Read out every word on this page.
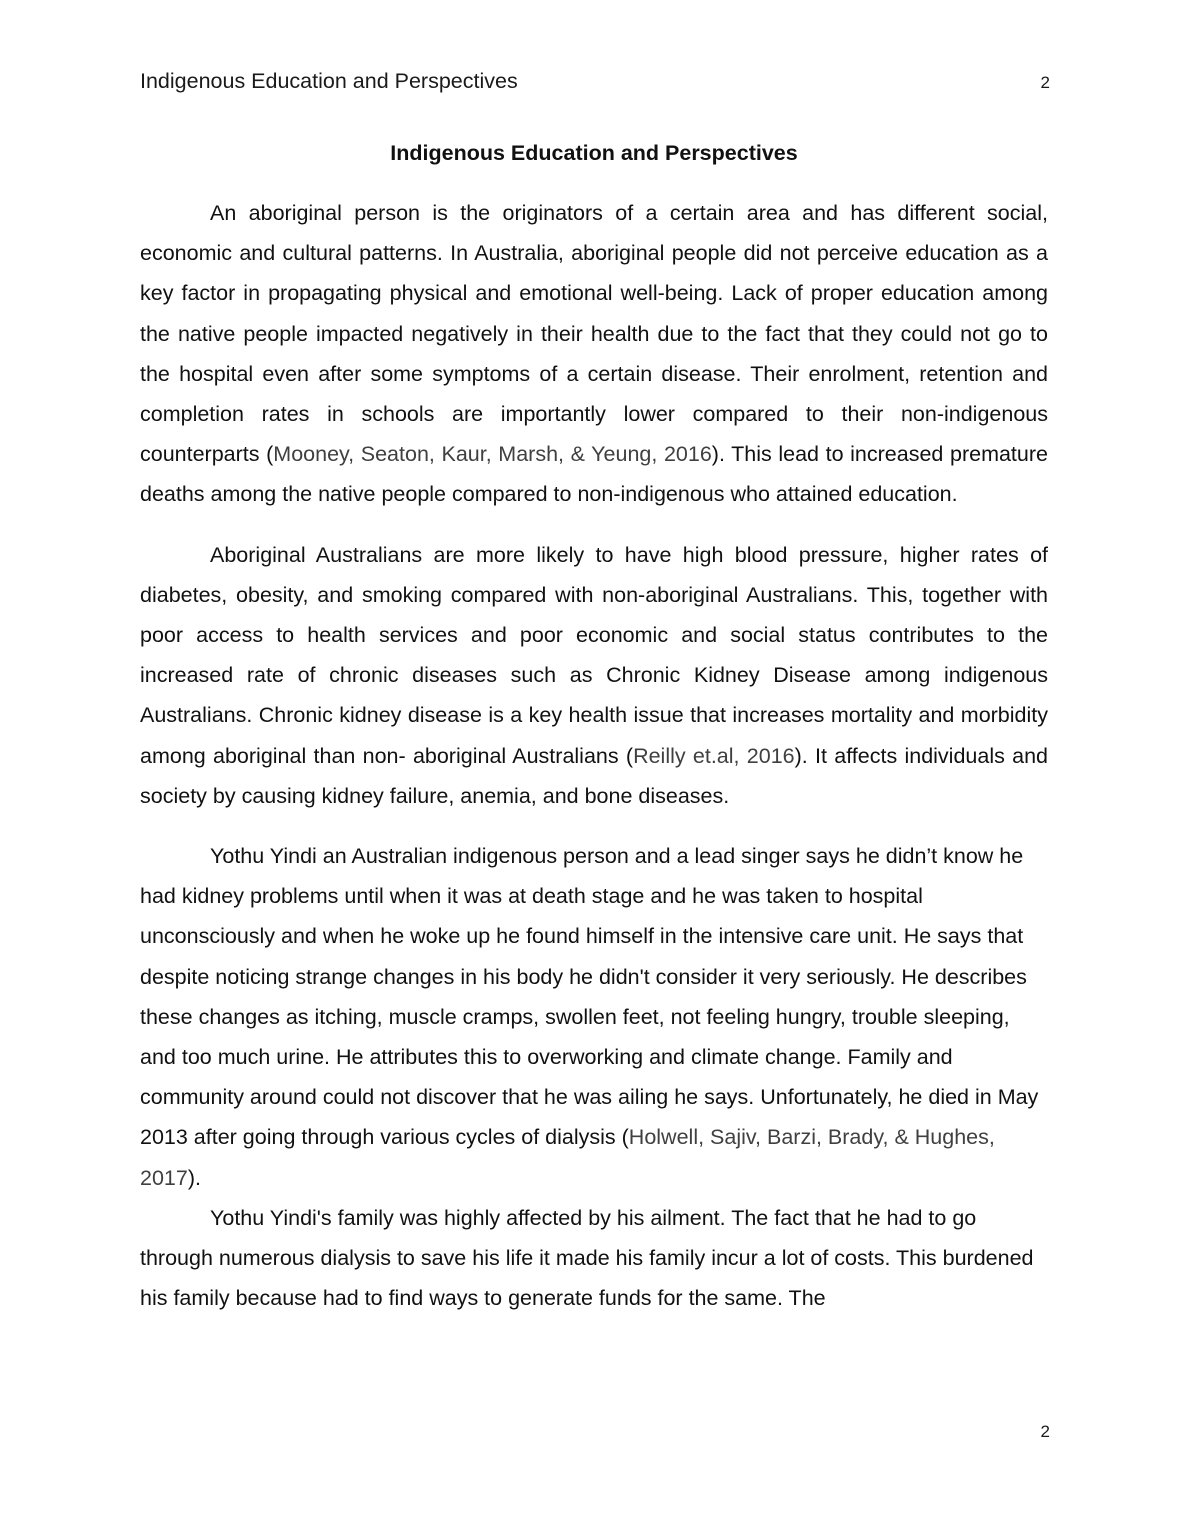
Indigenous Education and Perspectives	2
Indigenous Education and Perspectives

An aboriginal person is the originators of a certain area and has different social, economic and cultural patterns. In Australia, aboriginal people did not perceive education as a key factor in propagating physical and emotional well-being. Lack of proper education among the native people impacted negatively in their health due to the fact that they could not go to the hospital even after some symptoms of a certain disease. Their enrolment, retention and completion rates in schools are importantly lower compared to their non-indigenous counterparts (Mooney, Seaton, Kaur, Marsh, & Yeung, 2016). This lead to increased premature deaths among the native people compared to non-indigenous who attained education.

Aboriginal Australians are more likely to have high blood pressure, higher rates of diabetes, obesity, and smoking compared with non-aboriginal Australians. This, together with poor access to health services and poor economic and social status contributes to the increased rate of chronic diseases such as Chronic Kidney Disease among indigenous Australians. Chronic kidney disease is a key health issue that increases mortality and morbidity among aboriginal than non- aboriginal Australians (Reilly et.al, 2016). It affects individuals and society by causing kidney failure, anemia, and bone diseases.

Yothu Yindi an Australian indigenous person and a lead singer says he didn’t know he had kidney problems until when it was at death stage and he was taken to hospital unconsciously and when he woke up he found himself in the intensive care unit. He says that despite noticing strange changes in his body he didn't consider it very seriously. He describes these changes as itching, muscle cramps, swollen feet, not feeling hungry, trouble sleeping, and too much urine. He attributes this to overworking and climate change. Family and community around could not discover that he was ailing he says. Unfortunately, he died in May 2013 after going through various cycles of dialysis (Holwell, Sajiv, Barzi, Brady, & Hughes, 2017).

Yothu Yindi's family was highly affected by his ailment. The fact that he had to go through numerous dialysis to save his life it made his family incur a lot of costs. This burdened his family because had to find ways to generate funds for the same. The

2
